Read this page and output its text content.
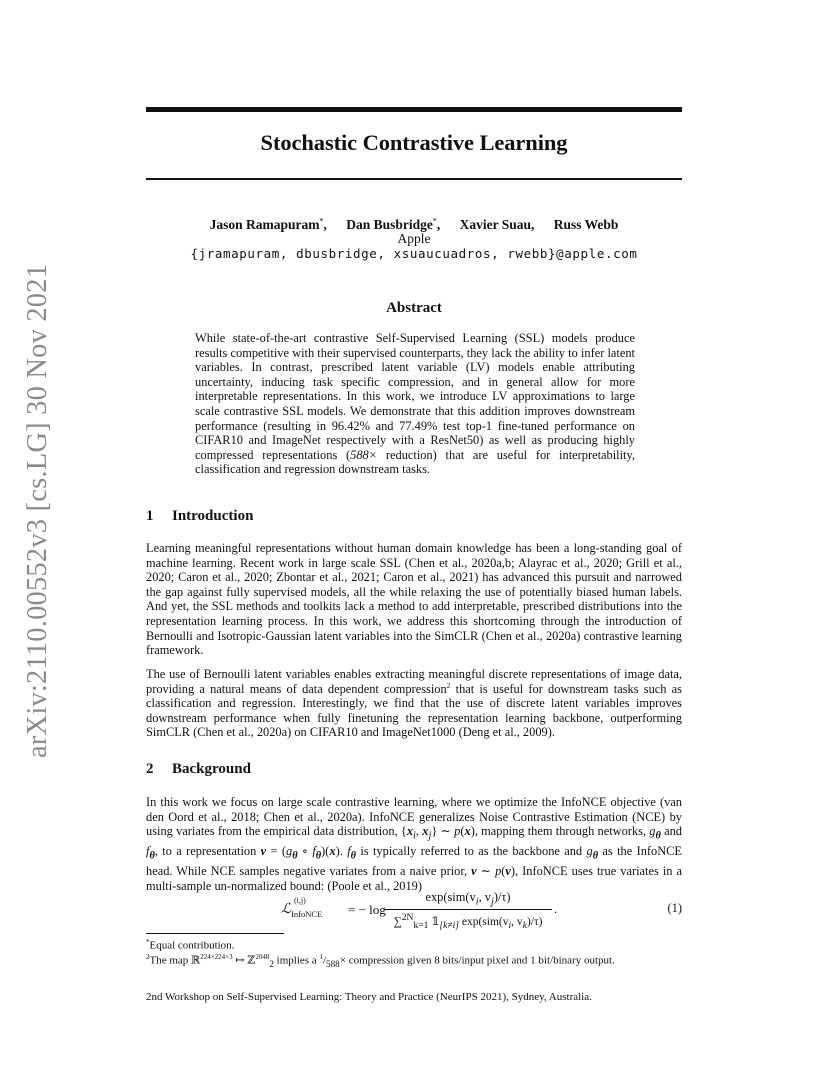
arXiv:2110.00552v3 [cs.LG] 30 Nov 2021
Stochastic Contrastive Learning
Jason Ramapuram*, Dan Busbridge*, Xavier Suau, Russ Webb
Apple
{jramapuram, dbusbridge, xsuaucuadros, rwebb}@apple.com
Abstract
While state-of-the-art contrastive Self-Supervised Learning (SSL) models produce results competitive with their supervised counterparts, they lack the ability to infer latent variables. In contrast, prescribed latent variable (LV) models enable attributing uncertainty, inducing task specific compression, and in general allow for more interpretable representations. In this work, we introduce LV approximations to large scale contrastive SSL models. We demonstrate that this addition improves downstream performance (resulting in 96.42% and 77.49% test top-1 fine-tuned performance on CIFAR10 and ImageNet respectively with a ResNet50) as well as producing highly compressed representations (588× reduction) that are useful for interpretability, classification and regression downstream tasks.
1 Introduction
Learning meaningful representations without human domain knowledge has been a long-standing goal of machine learning. Recent work in large scale SSL (Chen et al., 2020a,b; Alayrac et al., 2020; Grill et al., 2020; Caron et al., 2020; Zbontar et al., 2021; Caron et al., 2021) has advanced this pursuit and narrowed the gap against fully supervised models, all the while relaxing the use of potentially biased human labels. And yet, the SSL methods and toolkits lack a method to add interpretable, prescribed distributions into the representation learning process. In this work, we address this shortcoming through the introduction of Bernoulli and Isotropic-Gaussian latent variables into the SimCLR (Chen et al., 2020a) contrastive learning framework.
The use of Bernoulli latent variables enables extracting meaningful discrete representations of image data, providing a natural means of data dependent compression$^2$ that is useful for downstream tasks such as classification and regression. Interestingly, we find that the use of discrete latent variables improves downstream performance when fully finetuning the representation learning backbone, outperforming SimCLR (Chen et al., 2020a) on CIFAR10 and ImageNet1000 (Deng et al., 2009).
2 Background
In this work we focus on large scale contrastive learning, where we optimize the InfoNCE objective (van den Oord et al., 2018; Chen et al., 2020a). InfoNCE generalizes Noise Contrastive Estimation (NCE) by using variates from the empirical data distribution, {$x_i$, $x_j$} ∼ p(x), mapping them through networks, $g_\theta$ and $f_\theta$, to a representation $v = (g_\theta$ ∘ $f_\theta)(x)$. $f_\theta$ is typically referred to as the backbone and $g_\theta$ as the InfoNCE head. While NCE samples negative variates from a naive prior, v ∼ p(v), InfoNCE uses true variates in a multi-sample un-normalized bound: (Poole et al., 2019)
ℒ
(i,j)
$_{InfoNCE}$ = − log
$\exp(sim(v_i$, $v_j)/\tau$)
∑$^{2N}_{k=1}$ $𝟙_{[k\ne i]}$ $\exp(sim(v_i$, $v_k)/\tau$)
.	(1)
*Equal contribution.
$^2$The map ℝ$^{224\times 224\times 3}$ ↦ ℤ$^{2048}_2$ implies a $^1/_{588}\times$ compression given 8 bits/input pixel and 1 bit/binary output.
2nd Workshop on Self-Supervised Learning: Theory and Practice (NeurIPS 2021), Sydney, Australia.
